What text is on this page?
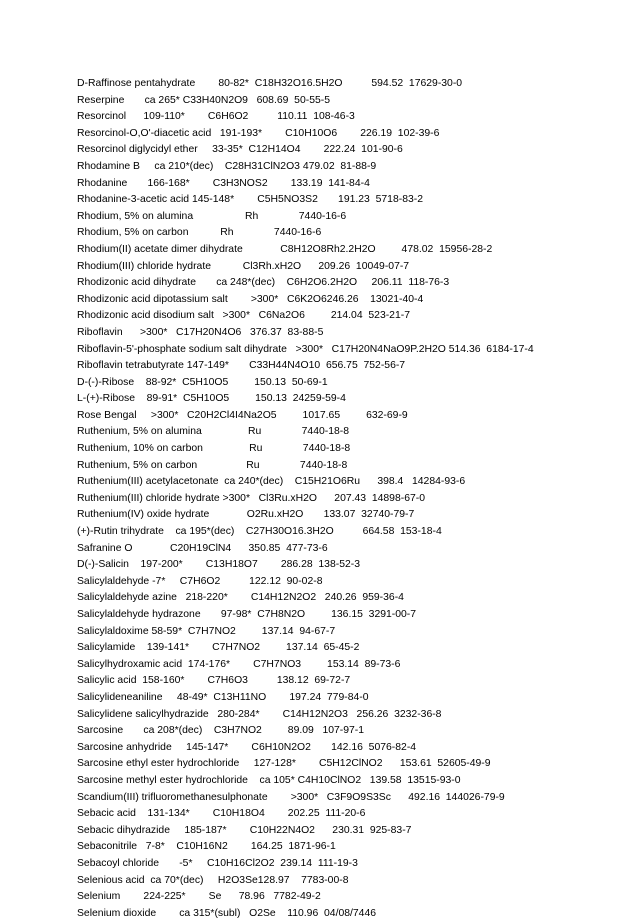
D-Raffinose pentahydrate        80-82*  C18H32O16.5H2O          594.52  17629-30-0
Reserpine       ca 265* C33H40N2O9   608.69  50-55-5
Resorcinol      109-110*        C6H6O2          110.11  108-46-3
Resorcinol-O,O'-diacetic acid   191-193*        C10H10O6        226.19  102-39-6
Resorcinol diglycidyl ether     33-35*  C12H14O4        222.24  101-90-6
Rhodamine B     ca 210*(dec)    C28H31ClN2O3 479.02  81-88-9
Rhodanine       166-168*        C3H3NOS2        133.19  141-84-4
Rhodanine-3-acetic acid 145-148*        C5H5NO3S2       191.23  5718-83-2
Rhodium, 5% on alumina                  Rh              7440-16-6
Rhodium, 5% on carbon           Rh              7440-16-6
Rhodium(II) acetate dimer dihydrate             C8H12O8Rh2.2H2O         478.02  15956-28-2
Rhodium(III) chloride hydrate           Cl3Rh.xH2O      209.26  10049-07-7
Rhodizonic acid dihydrate       ca 248*(dec)    C6H2O6.2H2O     206.11  118-76-3
Rhodizonic acid dipotassium salt        >300*   C6K2O6246.26    13021-40-4
Rhodizonic acid disodium salt   >300*   C6Na2O6         214.04  523-21-7
Riboflavin      >300*   C17H20N4O6   376.37  83-88-5
Riboflavin-5'-phosphate sodium salt dihydrate   >300*   C17H20N4NaO9P.2H2O 514.36  6184-17-4
Riboflavin tetrabutyrate 147-149*       C33H44N4O10  656.75  752-56-7
D-(-)-Ribose    88-92*  C5H10O5         150.13  50-69-1
L-(+)-Ribose    89-91*  C5H10O5         150.13  24259-59-4
Rose Bengal     >300*   C20H2Cl4I4Na2O5         1017.65         632-69-9
Ruthenium, 5% on alumina                Ru              7440-18-8
Ruthenium, 10% on carbon                Ru              7440-18-8
Ruthenium, 5% on carbon                 Ru              7440-18-8
Ruthenium(III) acetylacetonate  ca 240*(dec)    C15H21O6Ru      398.4   14284-93-6
Ruthenium(III) chloride hydrate >300*   Cl3Ru.xH2O      207.43  14898-67-0
Ruthenium(IV) oxide hydrate             O2Ru.xH2O       133.07  32740-79-7
(+)-Rutin trihydrate    ca 195*(dec)    C27H30O16.3H2O          664.58  153-18-4
Safranine O             C20H19ClN4      350.85  477-73-6
D(-)-Salicin    197-200*        C13H18O7        286.28  138-52-3
Salicylaldehyde -7*     C7H6O2          122.12  90-02-8
Salicylaldehyde azine   218-220*        C14H12N2O2   240.26  959-36-4
Salicylaldehyde hydrazone       97-98*  C7H8N2O         136.15  3291-00-7
Salicylaldoxime 58-59*  C7H7NO2         137.14  94-67-7
Salicylamide    139-141*        C7H7NO2         137.14  65-45-2
Salicylhydroxamic acid  174-176*        C7H7NO3         153.14  89-73-6
Salicylic acid  158-160*        C7H6O3          138.12  69-72-7
Salicylideneaniline     48-49*  C13H11NO        197.24  779-84-0
Salicylidene salicylhydrazide   280-284*        C14H12N2O3   256.26  3232-36-8
Sarcosine       ca 208*(dec)    C3H7NO2         89.09   107-97-1
Sarcosine anhydride     145-147*        C6H10N2O2       142.16  5076-82-4
Sarcosine ethyl ester hydrochloride     127-128*        C5H12ClNO2      153.61  52605-49-9
Sarcosine methyl ester hydrochloride    ca 105* C4H10ClNO2   139.58  13515-93-0
Scandium(III) trifluoromethanesulphonate        >300*   C3F9O9S3Sc      492.16  144026-79-9
Sebacic acid    131-134*        C10H18O4        202.25  111-20-6
Sebacic dihydrazide     185-187*        C10H22N4O2      230.31  925-83-7
Sebaconitrile   7-8*    C10H16N2        164.25  1871-96-1
Sebacoyl chloride       -5*     C10H16Cl2O2  239.14  111-19-3
Selenious acid  ca 70*(dec)     H2O3Se128.97    7783-00-8
Selenium        224-225*        Se      78.96   7782-49-2
Selenium dioxide        ca 315*(subl)   O2Se    110.96  04/08/7446
